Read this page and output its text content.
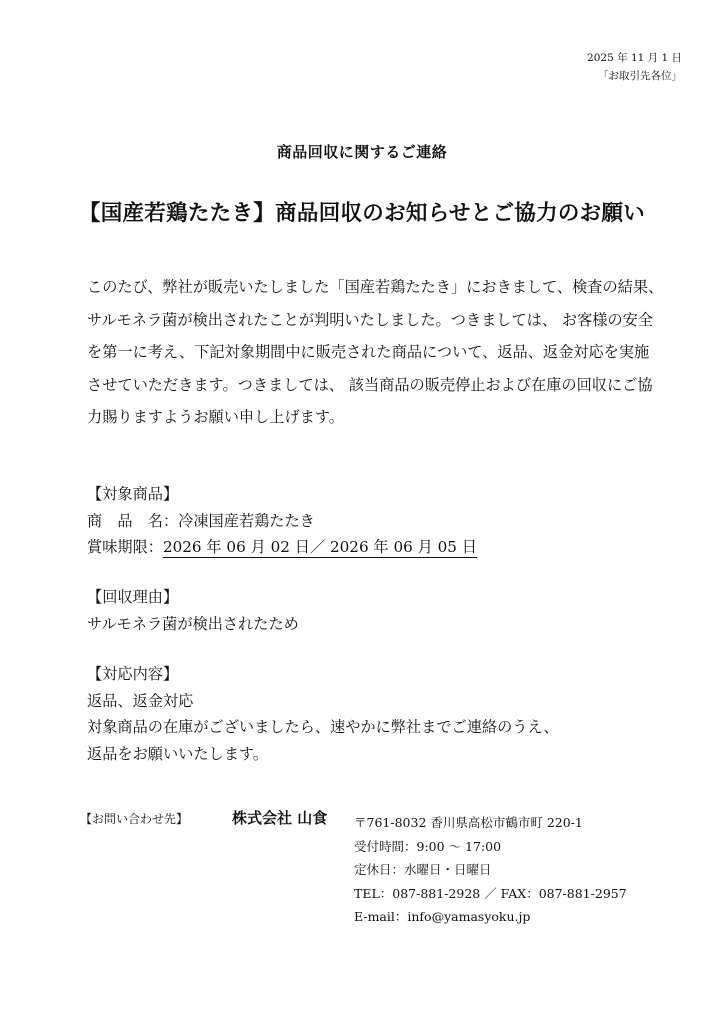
2025 年 11 月 1 日
「お取引先各位」
商品回収に関するご連絡
【国産若鶏たたき】商品回収のお知らせとご協力のお願い
このたび、弊社が販売いたしました「国産若鶏たたき」におきまして、検査の結果、
サルモネラ菌が検出されたことが判明いたしました。つきましては、 お客様の安全
を第一に考え、下記対象期間中に販売された商品について、返品、返金対応を実施
させていただきます。つきましては、 該当商品の販売停止および在庫の回収にご協
力賜りますようお願い申し上げます。
【対象商品】
商　品　名：冷凍国産若鶏たたき
賞味期限：2026 年 06 月 02 日／ 2026 年 06 月 05 日
【回収理由】
サルモネラ菌が検出されたため
【対応内容】
返品、返金対応
対象商品の在庫がございましたら、速やかに弊社までご連絡のうえ、
返品をお願いいたします。
【お問い合わせ先】	株式会社 山食 〒761-8032 香川県高松市鶴市町 220-1
受付時間：9:00 ～ 17:00
定休日：水曜日・日曜日
TEL：087-881-2928 ／ FAX：087-881-2957
E-mail：info@yamasyoku.jp
